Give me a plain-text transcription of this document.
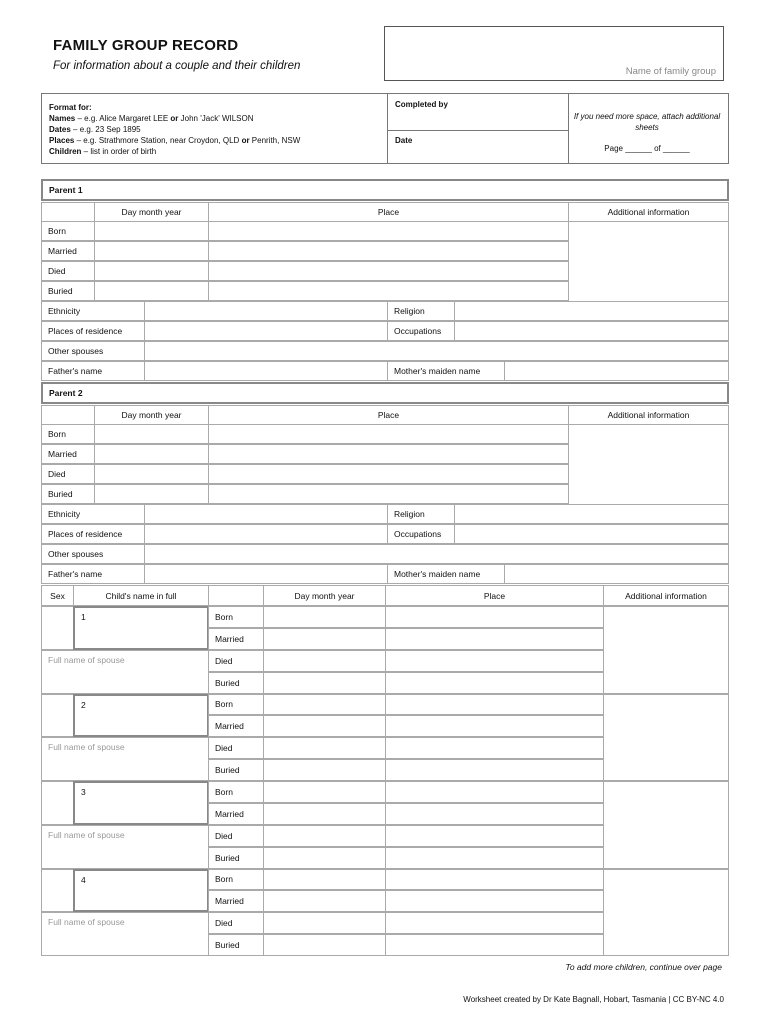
FAMILY GROUP RECORD
For information about a couple and their children	Name of family group
Format for:
Names – e.g. Alice Margaret LEE or John 'Jack' WILSON
Dates – e.g. 23 Sep 1895
Places – e.g. Strathmore Station, near Croydon, QLD or Penrith, NSW
Children – list in order of birth
Completed by
Date
If you need more space, attach additional sheets
Page ______ of ______
Parent 1
Day month year	Place	Additional information
Born
Married
Died
Buried
Ethnicity	Religion
Places of residence	Occupations
Other spouses
Father's name	Mother's maiden name
Parent 2
Day month year	Place	Additional information
Born
Married
Died
Buried
Ethnicity	Religion
Places of residence	Occupations
Other spouses
Father's name	Mother's maiden name
Sex	Child's name in full	Day month year	Place	Additional information
1
Full name of spouse
Born
Married
Died
Buried
2
Full name of spouse
Born
Married
Died
Buried
3
Full name of spouse
Born
Married
Died
Buried
4
Full name of spouse
Born
Married
Died
Buried
To add more children, continue over page
Worksheet created by Dr Kate Bagnall, Hobart, Tasmania | CC BY-NC 4.0
